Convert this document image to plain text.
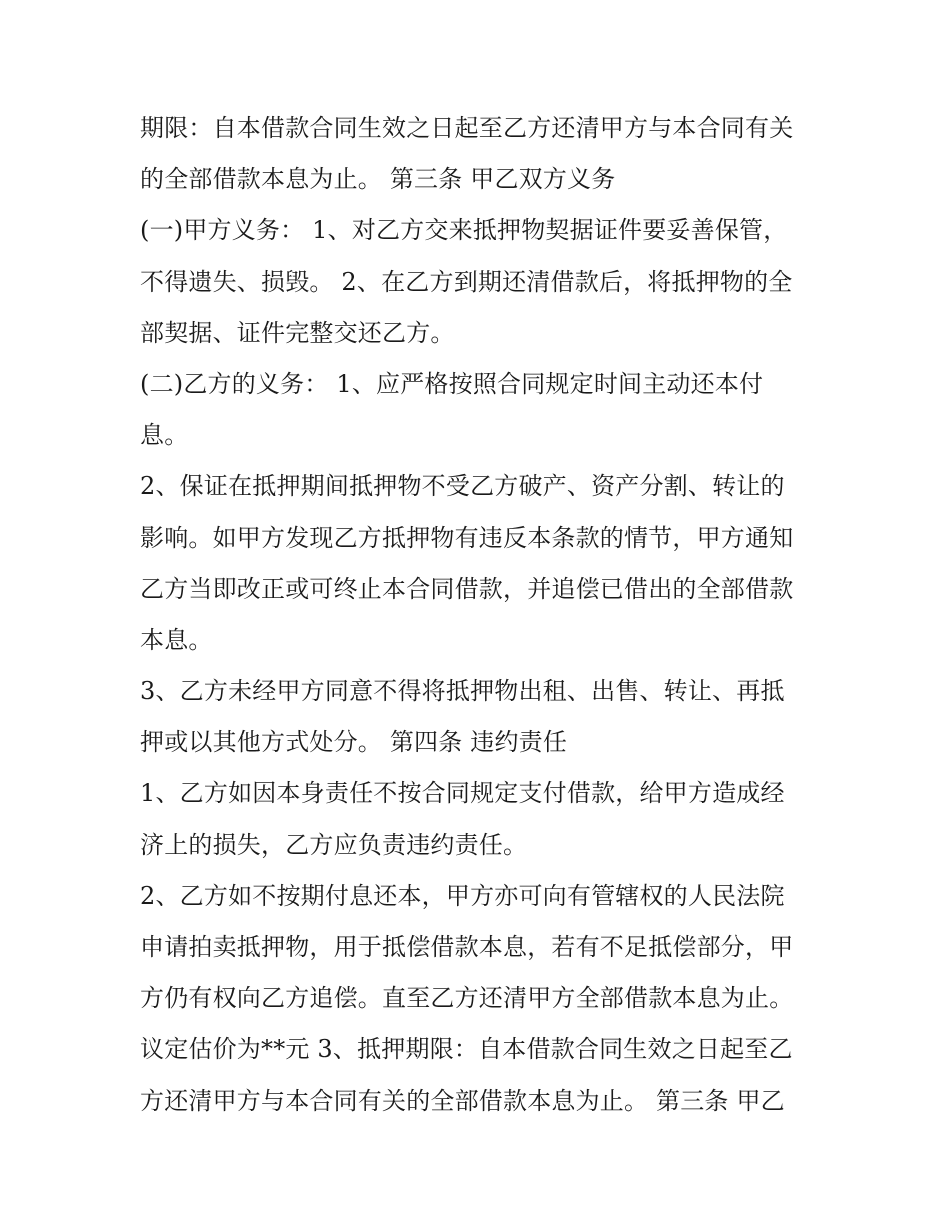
期限：自本借款合同生效之日起至乙方还清甲方与本合同有关
的全部借款本息为止。 第三条 甲乙双方义务
(一)甲方义务： 1、对乙方交来抵押物契据证件要妥善保管，
不得遗失、损毁。 2、在乙方到期还清借款后，将抵押物的全
部契据、证件完整交还乙方。
(二)乙方的义务： 1、应严格按照合同规定时间主动还本付
息。
2、保证在抵押期间抵押物不受乙方破产、资产分割、转让的
影响。如甲方发现乙方抵押物有违反本条款的情节，甲方通知
乙方当即改正或可终止本合同借款，并追偿已借出的全部借款
本息。
3、乙方未经甲方同意不得将抵押物出租、出售、转让、再抵
押或以其他方式处分。 第四条 违约责任
1、乙方如因本身责任不按合同规定支付借款，给甲方造成经
济上的损失，乙方应负责违约责任。
2、乙方如不按期付息还本，甲方亦可向有管辖权的人民法院
申请拍卖抵押物，用于抵偿借款本息，若有不足抵偿部分，甲
方仍有权向乙方追偿。直至乙方还清甲方全部借款本息为止。
议定估价为**元 3、抵押期限：自本借款合同生效之日起至乙
方还清甲方与本合同有关的全部借款本息为止。 第三条 甲乙
